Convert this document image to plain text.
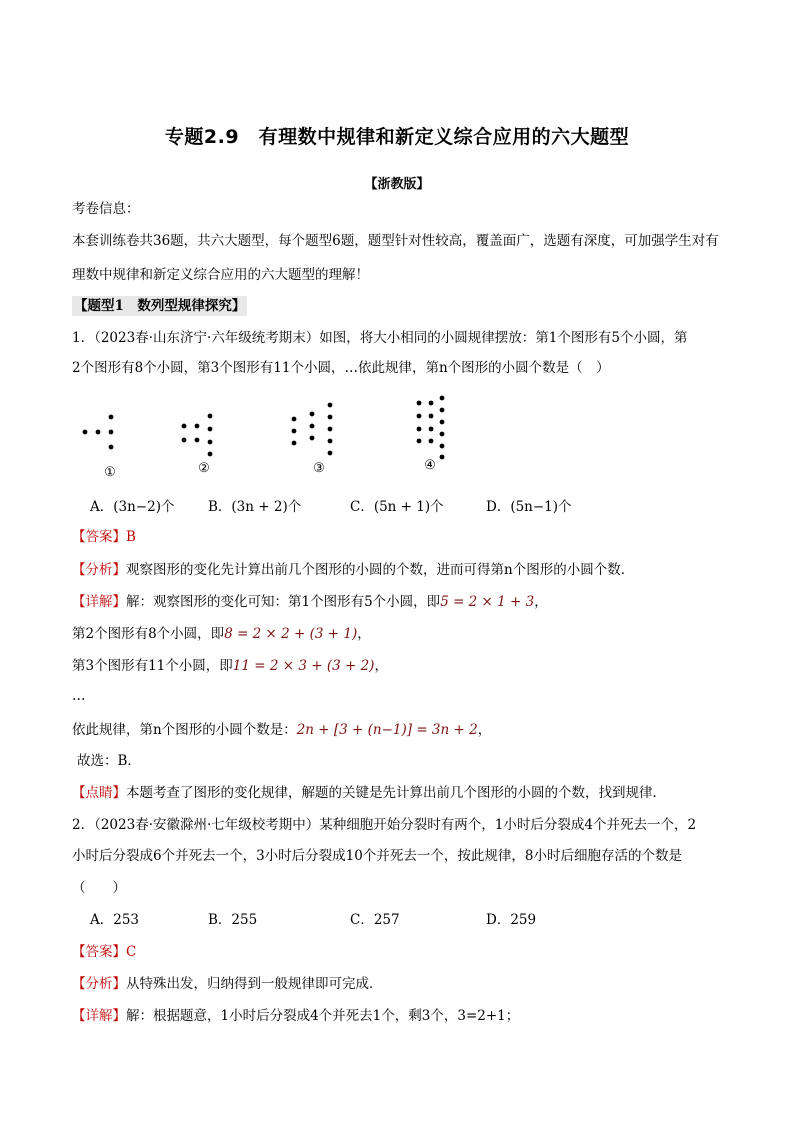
专题2.9　有理数中规律和新定义综合应用的六大题型
【浙教版】
考卷信息：
本套训练卷共36题，共六大题型，每个题型6题，题型针对性较高，覆盖面广，选题有深度，可加强学生对有
理数中规律和新定义综合应用的六大题型的理解！
【题型1　数列型规律探究】
1．（2023春·山东济宁·六年级统考期末）如图，将大小相同的小圆规律摆放：第1个图形有5个小圆，第
2个图形有8个小圆，第3个图形有11个小圆，…依此规律，第n个图形的小圆个数是（　）
①	②	③	④
A．(3n−2)个 B．(3n + 2)个	C．(5n + 1)个	D．(5n−1)个
【答案】B
【分析】观察图形的变化先计算出前几个图形的小圆的个数，进而可得第n个图形的小圆个数．
【详解】解：观察图形的变化可知：第1个图形有5个小圆，即5 = 2 × 1 + 3，
第2个图形有8个小圆，即8 = 2 × 2 + (3 + 1)，
第3个图形有11个小圆，即11 = 2 × 3 + (3 + 2)，
…
依此规律，第n个图形的小圆个数是：2n + [3 + (n−1)] = 3n + 2，
故选：B．
【点睛】本题考查了图形的变化规律，解题的关键是先计算出前几个图形的小圆的个数，找到规律．
2．（2023春·安徽滁州·七年级校考期中）某种细胞开始分裂时有两个，1小时后分裂成4个并死去一个，2
小时后分裂成6个并死去一个，3小时后分裂成10个并死去一个，按此规律，8小时后细胞存活的个数是
（　　）
A．253	B．255	C．257	D．259
【答案】C
【分析】从特殊出发，归纳得到一般规律即可完成．
【详解】解：根据题意，1小时后分裂成4个并死去1个，剩3个，3=2+1；
